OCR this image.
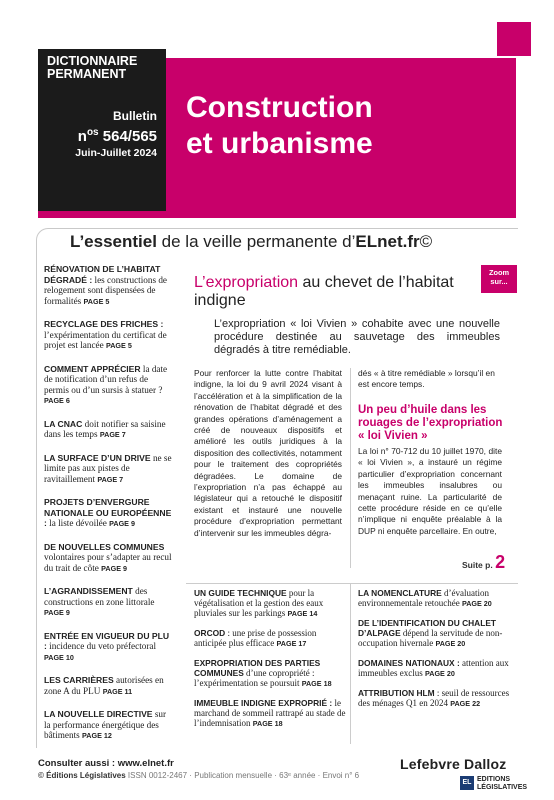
DICTIONNAIRE
PERMANENT
Bulletin
$n^{os}$ 564/565
Juin-Juillet 2024
Construction
et urbanisme
L’essentiel de la veille permanente d’ELnet.fr©
RÉNOVATION DE L’HABITAT DÉGRADÉ : les constructions de relogement sont dispensées de formalités PAGE 5
RECYCLAGE DES FRICHES : l’expérimentation du certificat de projet est lancée PAGE 5
COMMENT APPRÉCIER la date de notification d’un refus de permis ou d’un sursis à statuer ? PAGE 6
LA CNAC doit notifier sa saisine dans les temps PAGE 7
LA SURFACE D’UN DRIVE ne se limite pas aux pistes de ravitaillement PAGE 7
PROJETS D’ENVERGURE NATIONALE OU EUROPÉENNE : la liste dévoilée PAGE 9
DE NOUVELLES COMMUNES volontaires pour s’adapter au recul du trait de côte PAGE 9
L’AGRANDISSEMENT des constructions en zone littorale PAGE 9
ENTRÉE EN VIGUEUR DU PLU : incidence du veto préfectoral PAGE 10
LES CARRIÈRES autorisées en zone A du PLU PAGE 11
LA NOUVELLE DIRECTIVE sur la performance énergétique des bâtiments PAGE 12
Zoom
sur...
L’expropriation au chevet de l’habitat indigne
L’expropriation « loi Vivien » cohabite avec une nouvelle procédure destinée au sauvetage des immeubles dégradés à titre remédiable.
Pour renforcer la lutte contre l’habitat indigne, la loi du 9 avril 2024 visant à l’accélération et à la simplification de la rénovation de l’habitat dégradé et des grandes opérations d’aménagement a créé de nouveaux dispositifs et amélioré les outils juridiques à la disposition des collectivités, notamment pour le traitement des copropriétés dégradées. Le domaine de l’expropriation n’a pas échappé au législateur qui a retouché le dispositif existant et instauré une nouvelle procédure d’expropriation permettant d’intervenir sur les immeubles dégra-
dés « à titre remédiable » lorsqu’il en est encore temps.
Un peu d’huile dans les rouages de l’expropriation « loi Vivien »
La loi n° 70-712 du 10 juillet 1970, dite « loi Vivien », a instauré un régime particulier d’expropriation concernant les immeubles insalubres ou menaçant ruine. La particularité de cette procédure réside en ce qu’elle n’implique ni enquête préalable à la DUP ni enquête parcellaire. En outre,
Suite p. 2
UN GUIDE TECHNIQUE pour la végétalisation et la gestion des eaux pluviales sur les parkings PAGE 14
ORCOD : une prise de possession anticipée plus efficace PAGE 17
EXPROPRIATION DES PARTIES COMMUNES d’une copropriété : l’expérimentation se poursuit PAGE 18
IMMEUBLE INDIGNE EXPROPRIÉ : le marchand de sommeil rattrapé au stade de l’indemnisation PAGE 18
LA NOMENCLATURE d’évaluation environnementale retouchée PAGE 20
DE L’IDENTIFICATION DU CHALET D’ALPAGE dépend la servitude de non-occupation hivernale PAGE 20
DOMAINES NATIONAUX : attention aux immeubles exclus PAGE 20
ATTRIBUTION HLM : seuil de ressources des ménages Q1 en 2024 PAGE 22
Consulter aussi : www.elnet.fr
© Éditions Législatives ISSN 0012-2467 · Publication mensuelle · 63ᵉ année · Envoi n° 6
Lefebvre Dalloz
EL EDITIONS
LÉGISLATIVES
